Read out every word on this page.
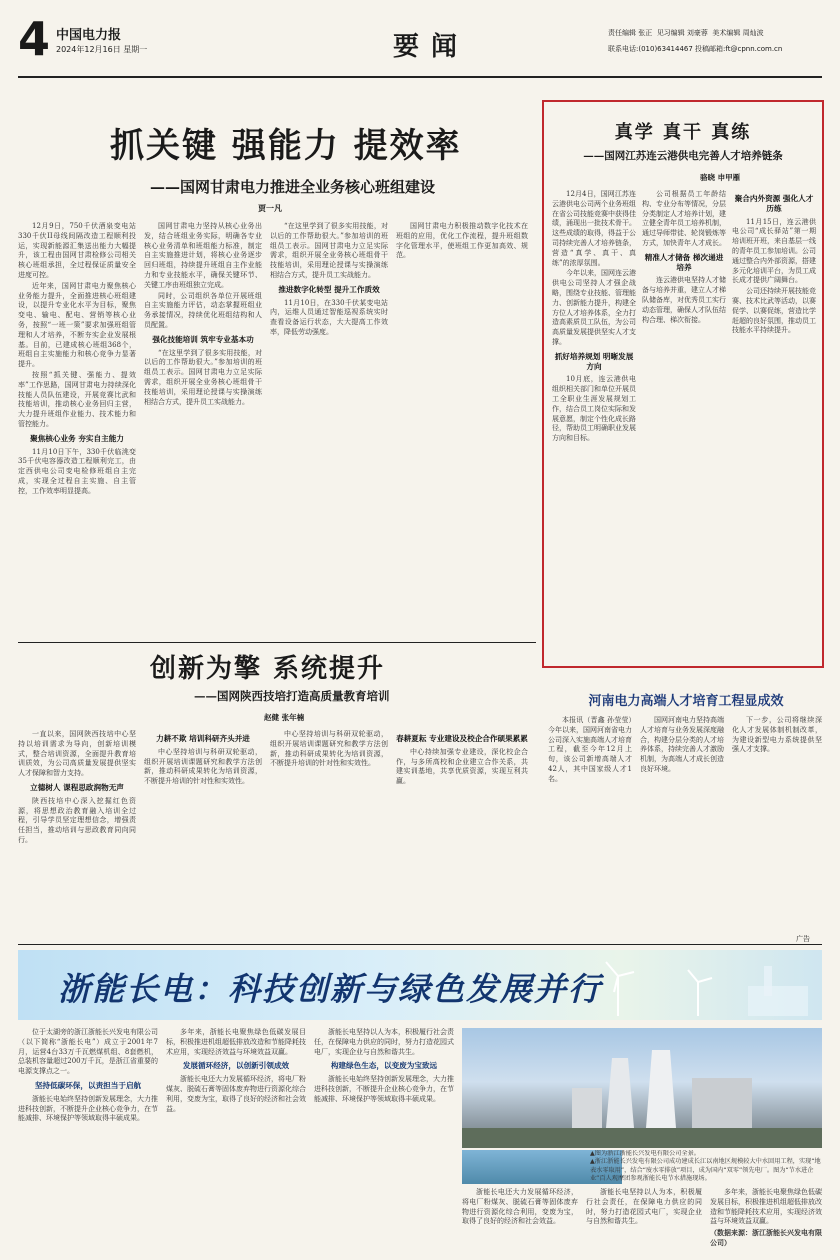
4 中国电力报
2024年12月16日 星期一	要闻	责任编辑 张正 见习编辑 刘豪蓉 美术编辑 周灿波
联系电话:(010)63414467 投稿邮箱:ft@cpnn.com.cn
抓关键 强能力 提效率
——国网甘肃电力推进全业务核心班组建设
贾一凡

12月9日，750千伏酒泉变电站330千伏II母线间隔改造工程顺利投运，实现新能源汇集送出能力大幅提升，该工程由国网甘肃检修公司相关核心班组承担，全过程保证质量安全进度可控。

近年来，国网甘肃电力聚焦核心业务能力提升，全面推进核心班组建设，以提升专业化水平为目标，聚焦变电、输电、配电、营销等核心业务，按照“一班一策”要求加强班组管理和人才培养，不断夯实企业发展根基。目前，已建成核心班组368个，班组自主实施能力和核心竞争力显著提升。

按照“抓关键、强能力、提效率”工作思路，国网甘肃电力持续深化技能人员队伍建设，开展竞赛比武和技能培训，推动核心业务回归主营，大力提升班组作业能力、技术能力和管控能力。

聚焦核心业务 夯实自主能力

11月10日下午，330千伏临洮变35千伏电容器改造工程顺利完工，由定西供电公司变电检修班组自主完成，实现全过程自主实施、自主管控，工作效率明显提高。

国网甘肃电力坚持从核心业务出发，结合班组业务实际，明确各专业核心业务清单和班组能力标准，制定自主实施推进计划，将核心业务逐步回归班组，持续提升班组自主作业能力和专业技能水平，确保关键环节、关键工序由班组独立完成。

同时，公司组织各单位开展班组自主实施能力评估，动态掌握班组业务承接情况，持续优化班组结构和人员配置。

强化技能培训 筑牢专业基本功

“在这里学到了很多实用技能，对以后的工作帮助很大。”参加培训的班组员工表示。国网甘肃电力立足实际需求，组织开展全业务核心班组骨干技能培训，采用理论授课与实操演练相结合方式，提升员工实战能力。

“在这里学到了很多实用技能，对以后的工作帮助很大。”参加培训的班组员工表示。国网甘肃电力立足实际需求，组织开展全业务核心班组骨干技能培训，采用理论授课与实操演练相结合方式，提升员工实战能力。

推进数字化转型 提升工作质效

11月10日，在330千伏某变电站内，运维人员通过智能巡视系统实时查看设备运行状态，大大提高工作效率，降低劳动强度。

国网甘肃电力积极推动数字化技术在班组的应用，优化工作流程，提升班组数字化管理水平，使班组工作更加高效、规范。

真学 真干 真练
——国网江苏连云港供电完善人才培养链条
骆晓 申甲雁

12月4日，国网江苏连云港供电公司两个业务班组在省公司技能竞赛中获得佳绩，涌现出一批技术骨干。这些成绩的取得，得益于公司持续完善人才培养链条，营造“真学、真干、真练”的浓厚氛围。

今年以来，国网连云港供电公司坚持人才强企战略，围绕专业技能、管理能力、创新能力提升，构建全方位人才培养体系，全力打造高素质员工队伍，为公司高质量发展提供坚实人才支撑。

抓好培养规划 明晰发展方向

10月底，连云港供电组织相关部门和单位开展员工全职业生涯发展规划工作，结合员工岗位实际和发展意愿，制定个性化成长路径，帮助员工明确职业发展方向和目标。

公司根据员工年龄结构、专业分布等情况，分层分类制定人才培养计划，建立健全青年员工培养机制，通过导师带徒、轮岗锻炼等方式，加快青年人才成长。

精准人才储备 梯次递进培养

连云港供电坚持人才储备与培养并重，建立人才梯队储备库，对优秀员工实行动态管理，确保人才队伍结构合理、梯次衔接。

聚合内外资源 强化人才历练

11月15日，连云港供电公司“成长驿站”第一期培训班开班，来自基层一线的青年员工参加培训。公司通过整合内外部资源，搭建多元化培训平台，为员工成长成才提供广阔舞台。

公司还持续开展技能竞赛、技术比武等活动，以赛促学、以赛促练，营造比学赶超的良好氛围，推动员工技能水平持续提升。

创新为擎 系统提升
——国网陕西技培打造高质量教育培训
赵健 张年楠

一直以来，国网陕西技培中心坚持以培训需求为导向，创新培训模式，整合培训资源，全面提升教育培训质效，为公司高质量发展提供坚实人才保障和智力支持。

立德树人 课程思政润物无声

陕西技培中心深入挖掘红色资源，将思想政治教育融入培训全过程，引导学员坚定理想信念，增强责任担当，推动培训与思政教育同向同行。

力耕不欺 培训科研齐头并进

中心坚持培训与科研双轮驱动，组织开展培训课题研究和教学方法创新，推动科研成果转化为培训资源，不断提升培训的针对性和实效性。

中心坚持培训与科研双轮驱动，组织开展培训课题研究和教学方法创新，推动科研成果转化为培训资源，不断提升培训的针对性和实效性。

春耕夏耘 专业建设及校企合作硕果累累

中心持续加强专业建设，深化校企合作，与多所高校和企业建立合作关系，共建实训基地，共享优质资源，实现互利共赢。

河南电力高端人才培育工程显成效

本报讯（晋鑫 孙莹莹）今年以来，国网河南省电力公司深入实施高端人才培育工程，截至今年12月上旬，该公司新增高端人才42人，其中国家级人才1名。

国网河南电力坚持高端人才培育与业务发展深度融合，构建分层分类的人才培养体系，持续完善人才激励机制，为高端人才成长创造良好环境。

下一步，公司将继续深化人才发展体制机制改革，为建设新型电力系统提供坚强人才支撑。

广告
浙能长电：科技创新与绿色发展并行

位于太湖旁的浙江浙能长兴发电有限公司（以下简称“浙能长电”）成立于2001年7月，运营4台33万千瓦燃煤机组、8套燃机，总装机容量超过200万千瓦，是浙江省重要的电源支撑点之一。

坚持低碳环保，以责担当于启航

浙能长电始终坚持创新发展理念，大力推进科技创新，不断提升企业核心竞争力，在节能减排、环境保护等领域取得丰硕成果。

多年来，浙能长电聚焦绿色低碳发展目标，积极推进机组超低排放改造和节能降耗技术应用，实现经济效益与环境效益双赢。

发展循环经济，以创新引领成效

浙能长电还大力发展循环经济，将电厂粉煤灰、脱硫石膏等固体废弃物进行资源化综合利用，变废为宝，取得了良好的经济和社会效益。

浙能长电坚持以人为本，积极履行社会责任，在保障电力供应的同时，努力打造花园式电厂，实现企业与自然和谐共生。

构建绿色生态，以变废为宝致远

浙能长电始终坚持创新发展理念，大力推进科技创新，不断提升企业核心竞争力，在节能减排、环境保护等领域取得丰硕成果。

▲图为浙江浙能长兴发电有限公司全景。
▲浙江浙能长兴发电有限公司成功建成长江以南地区规模较大中水回用工程，实现“地表水零取用”，结合“废水零排放”项目，成为国内“双零”领先电厂。图为“节水进企业”百人观摩团参观浙能长电节水措施现场。

浙能长电还大力发展循环经济，将电厂粉煤灰、脱硫石膏等固体废弃物进行资源化综合利用，变废为宝，取得了良好的经济和社会效益。

浙能长电坚持以人为本，积极履行社会责任，在保障电力供应的同时，努力打造花园式电厂，实现企业与自然和谐共生。

多年来，浙能长电聚焦绿色低碳发展目标，积极推进机组超低排放改造和节能降耗技术应用，实现经济效益与环境效益双赢。

（数据来源：浙江浙能长兴发电有限公司）
